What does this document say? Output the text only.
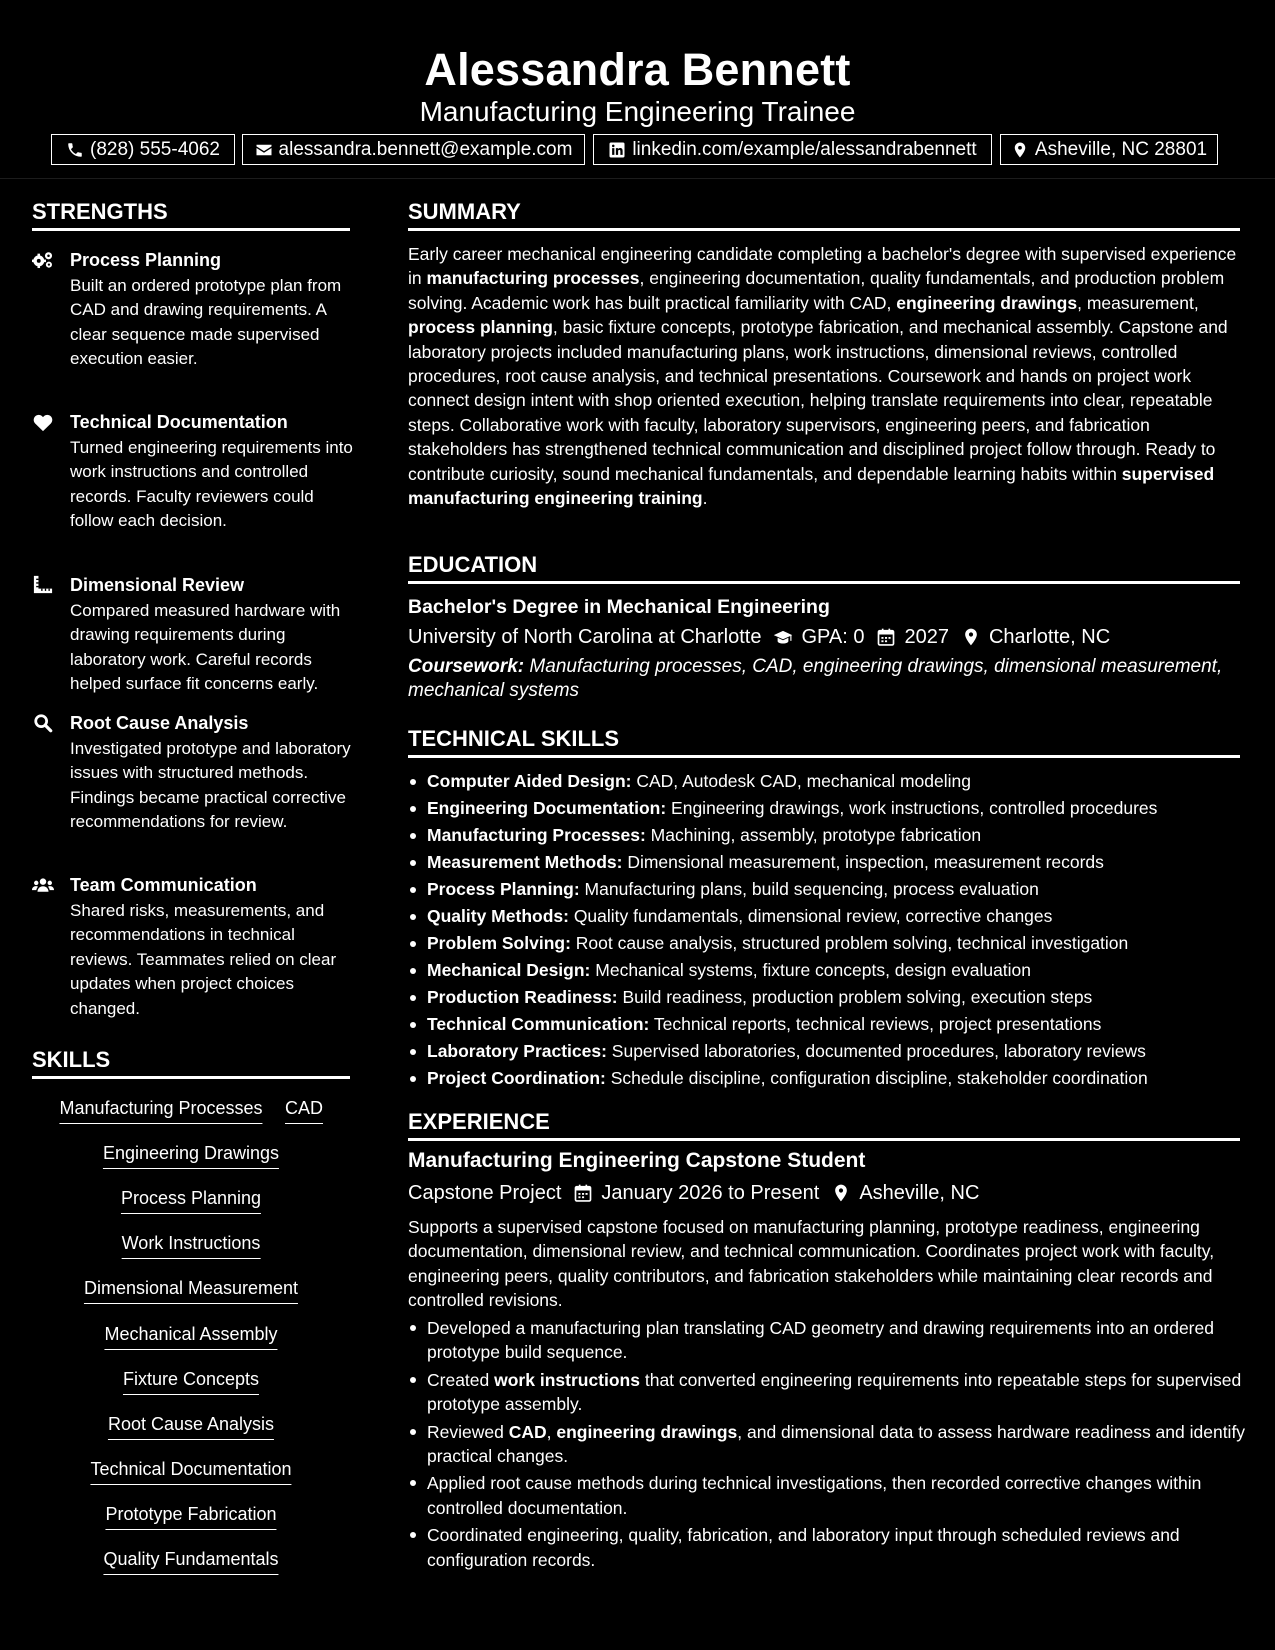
Alessandra Bennett
Manufacturing Engineering Trainee
(828) 555-4062	alessandra.bennett@example.com	linkedin.com/example/alessandrabennett	Asheville, NC 28801
STRENGTHS
Process Planning
Built an ordered prototype plan from CAD and drawing requirements. A clear sequence made supervised execution easier.
Technical Documentation
Turned engineering requirements into work instructions and controlled records. Faculty reviewers could follow each decision.
Dimensional Review
Compared measured hardware with drawing requirements during laboratory work. Careful records helped surface fit concerns early.
Root Cause Analysis
Investigated prototype and laboratory issues with structured methods. Findings became practical corrective recommendations for review.
Team Communication
Shared risks, measurements, and recommendations in technical reviews. Teammates relied on clear updates when project choices changed.
SKILLS
Manufacturing Processes CAD
Engineering Drawings
Process Planning
Work Instructions
Dimensional Measurement
Mechanical Assembly
Fixture Concepts
Root Cause Analysis
Technical Documentation
Prototype Fabrication
Quality Fundamentals
SUMMARY
Early career mechanical engineering candidate completing a bachelor's degree with supervised experience in manufacturing processes, engineering documentation, quality fundamentals, and production problem solving. Academic work has built practical familiarity with CAD, engineering drawings, measurement, process planning, basic fixture concepts, prototype fabrication, and mechanical assembly. Capstone and laboratory projects included manufacturing plans, work instructions, dimensional reviews, controlled procedures, root cause analysis, and technical presentations. Coursework and hands on project work connect design intent with shop oriented execution, helping translate requirements into clear, repeatable steps. Collaborative work with faculty, laboratory supervisors, engineering peers, and fabrication stakeholders has strengthened technical communication and disciplined project follow through. Ready to contribute curiosity, sound mechanical fundamentals, and dependable learning habits within supervised manufacturing engineering training.
EDUCATION
Bachelor's Degree in Mechanical Engineering
University of North Carolina at Charlotte GPA: 0 2027 Charlotte, NC
Coursework: Manufacturing processes, CAD, engineering drawings, dimensional measurement, mechanical systems
TECHNICAL SKILLS
Computer Aided Design: CAD, Autodesk CAD, mechanical modeling
Engineering Documentation: Engineering drawings, work instructions, controlled procedures
Manufacturing Processes: Machining, assembly, prototype fabrication
Measurement Methods: Dimensional measurement, inspection, measurement records
Process Planning: Manufacturing plans, build sequencing, process evaluation
Quality Methods: Quality fundamentals, dimensional review, corrective changes
Problem Solving: Root cause analysis, structured problem solving, technical investigation
Mechanical Design: Mechanical systems, fixture concepts, design evaluation
Production Readiness: Build readiness, production problem solving, execution steps
Technical Communication: Technical reports, technical reviews, project presentations
Laboratory Practices: Supervised laboratories, documented procedures, laboratory reviews
Project Coordination: Schedule discipline, configuration discipline, stakeholder coordination
EXPERIENCE
Manufacturing Engineering Capstone Student
Capstone Project January 2026 to Present Asheville, NC
Supports a supervised capstone focused on manufacturing planning, prototype readiness, engineering documentation, dimensional review, and technical communication. Coordinates project work with faculty, engineering peers, quality contributors, and fabrication stakeholders while maintaining clear records and controlled revisions.
Developed a manufacturing plan translating CAD geometry and drawing requirements into an ordered prototype build sequence.
Created work instructions that converted engineering requirements into repeatable steps for supervised prototype assembly.
Reviewed CAD, engineering drawings, and dimensional data to assess hardware readiness and identify practical changes.
Applied root cause methods during technical investigations, then recorded corrective changes within controlled documentation.
Coordinated engineering, quality, fabrication, and laboratory input through scheduled reviews and configuration records.
